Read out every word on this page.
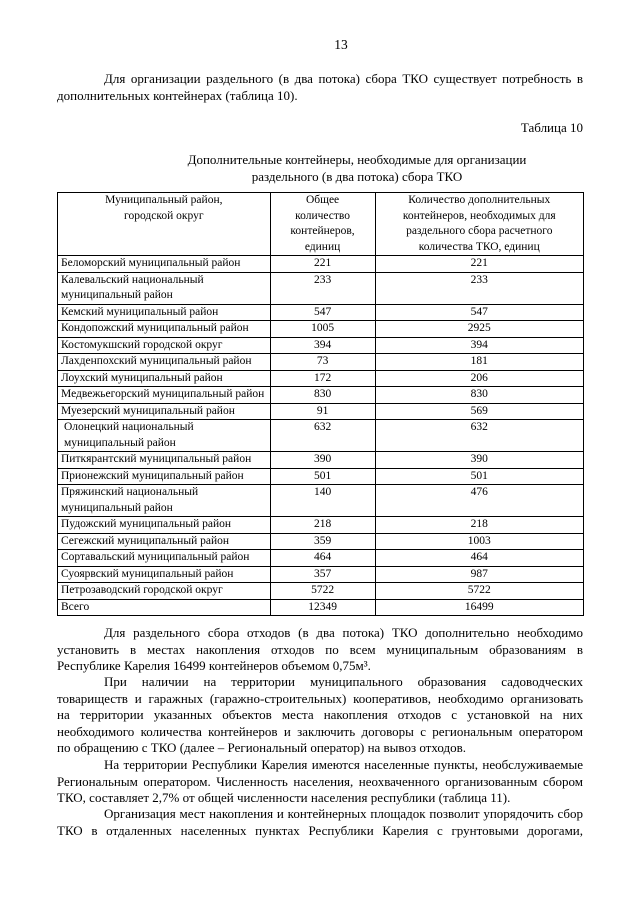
13
Для организации раздельного (в два потока) сбора ТКО существует потребность в
дополнительных контейнерах (таблица 10).
Таблица 10
Дополнительные контейнеры, необходимые для организации
раздельного (в два потока) сбора ТКО
Муниципальный район, городской округ	Общее количество контейнеров, единиц	Количество дополнительных контейнеров, необходимых для раздельного сбора расчетного количества ТКО, единиц
Беломорский муниципальный район	221	221
Калевальский национальный муниципальный район	233	233
Кемский муниципальный район	547	547
Кондопожский муниципальный район	1005	2925
Костомукшский городской округ	394	394
Лахденпохский муниципальный район	73	181
Лоухский муниципальный район	172	206
Медвежьегорский муниципальный район	830	830
Муезерский муниципальный район	91	569
Олонецкий национальный муниципальный район	632	632
Питкярантский муниципальный район	390	390
Прионежский муниципальный район	501	501
Пряжинский национальный муниципальный район	140	476
Пудожский муниципальный район	218	218
Сегежский муниципальный район	359	1003
Сортавальский муниципальный район	464	464
Суоярвский муниципальный район	357	987
Петрозаводский городской округ	5722	5722
Всего	12349	16499
Для раздельного сбора отходов (в два потока) ТКО дополнительно необходимо
установить в местах накопления отходов по всем муниципальным образованиям в
Республике Карелия 16499 контейнеров объемом 0,75м³.
При наличии на территории муниципального образования садоводческих
товариществ и гаражных (гаражно-строительных) кооперативов, необходимо организовать
на территории указанных объектов места накопления отходов с установкой на них
необходимого количества контейнеров и заключить договоры с региональным оператором
по обращению с ТКО (далее – Региональный оператор) на вывоз отходов.
На территории Республики Карелия имеются населенные пункты, необслуживаемые
Региональным оператором. Численность населения, неохваченного организованным сбором
ТКО, составляет 2,7% от общей численности населения республики (таблица 11).
Организация мест накопления и контейнерных площадок позволит упорядочить сбор
ТКО в отдаленных населенных пунктах Республики Карелия с грунтовыми дорогами,
